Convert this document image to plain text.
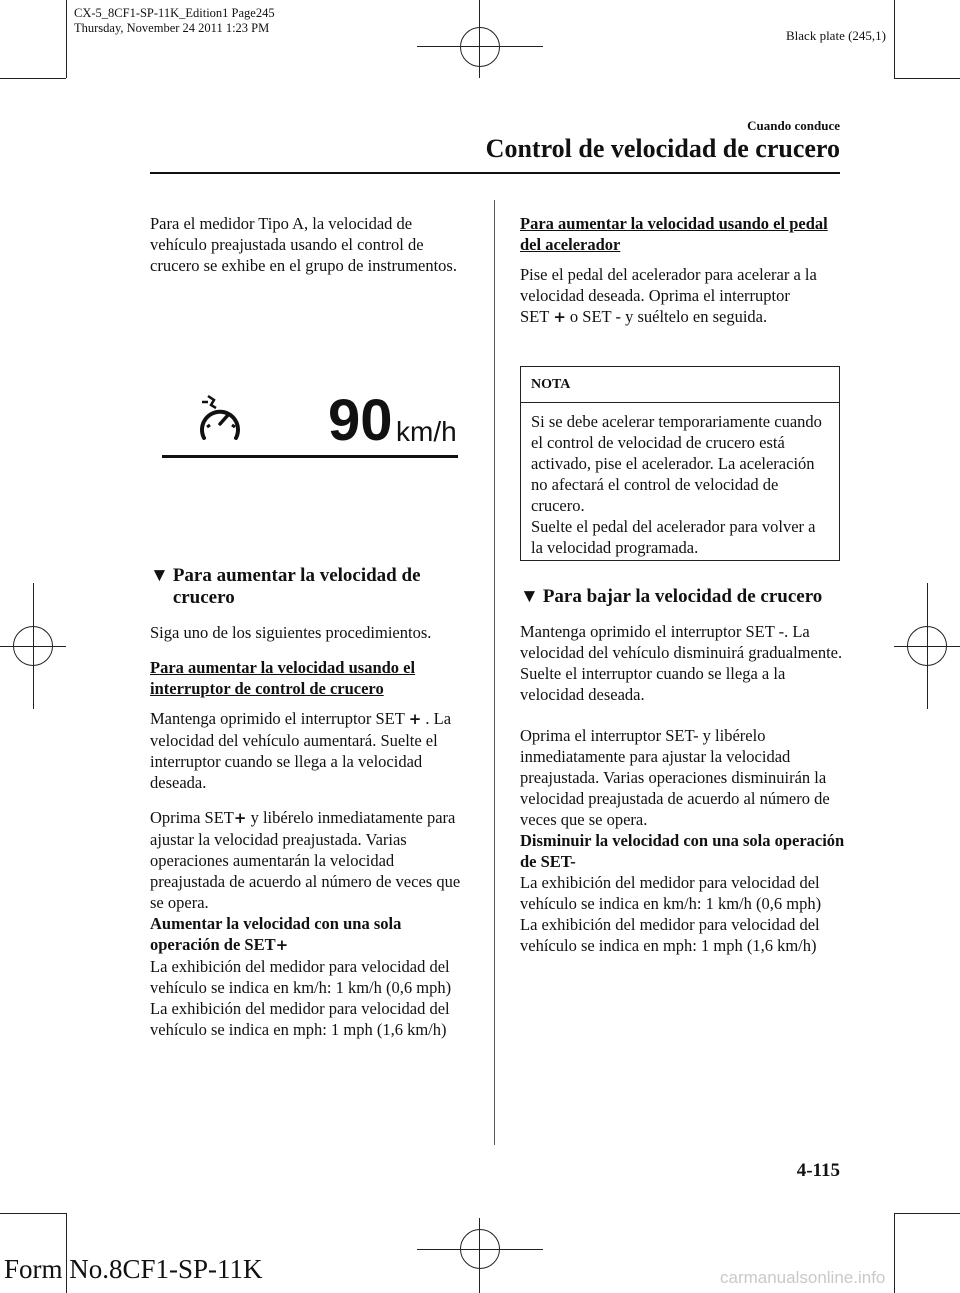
CX-5_8CF1-SP-11K_Edition1 Page245
Thursday, November 24 2011 1:23 PM	Black plate (245,1)
Cuando conduce
Control de velocidad de crucero

Para el medidor Tipo A, la velocidad de vehículo preajustada usando el control de crucero se exhibe en el grupo de instrumentos.

90 km/h
▼ Para aumentar la velocidad de crucero

Siga uno de los siguientes procedimientos.

Para aumentar la velocidad usando el interruptor de control de crucero

Mantenga oprimido el interruptor SET + . La velocidad del vehículo aumentará. Suelte el interruptor cuando se llega a la velocidad deseada.

Oprima SET+ y libérelo inmediatamente para ajustar la velocidad preajustada. Varias operaciones aumentarán la velocidad preajustada de acuerdo al número de veces que se opera.

Aumentar la velocidad con una sola operación de SET+

La exhibición del medidor para velocidad del vehículo se indica en km/h: 1 km/h (0,6 mph)

La exhibición del medidor para velocidad del vehículo se indica en mph: 1 mph (1,6 km/h)

Para aumentar la velocidad usando el pedal del acelerador

Pise el pedal del acelerador para acelerar a la velocidad deseada. Oprima el interruptor SET + o SET - y suéltelo en seguida.

NOTA
Si se debe acelerar temporariamente cuando el control de velocidad de crucero está activado, pise el acelerador. La aceleración no afectará el control de velocidad de crucero.
Suelte el pedal del acelerador para volver a la velocidad programada.
▼ Para bajar la velocidad de crucero

Mantenga oprimido el interruptor SET -. La velocidad del vehículo disminuirá gradualmente.

Suelte el interruptor cuando se llega a la velocidad deseada.

Oprima el interruptor SET- y libérelo inmediatamente para ajustar la velocidad preajustada. Varias operaciones disminuirán la velocidad preajustada de acuerdo al número de veces que se opera.

Disminuir la velocidad con una sola operación de SET-

La exhibición del medidor para velocidad del vehículo se indica en km/h: 1 km/h (0,6 mph)

La exhibición del medidor para velocidad del vehículo se indica en mph: 1 mph (1,6 km/h)

4-115
Form No.8CF1-SP-11K	carmanualsonline.info
